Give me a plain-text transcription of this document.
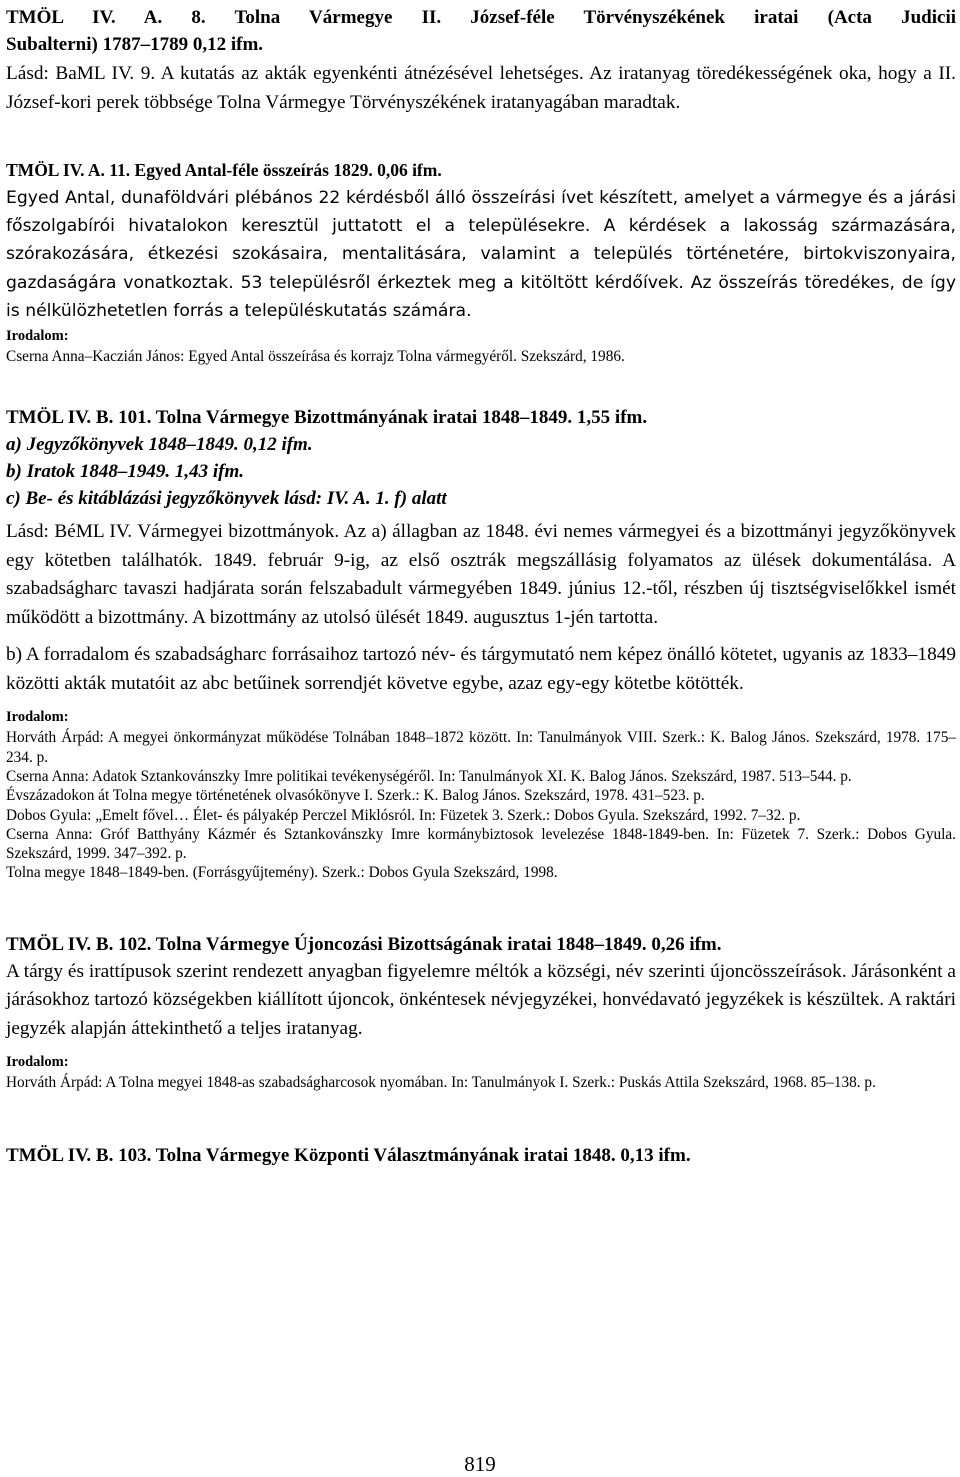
TMÖL IV. A. 8. Tolna Vármegye II. József-féle Törvényszékének iratai (Acta Judicii

Subalterni) 1787–1789 0,12 ifm.

Lásd: BaML IV. 9. A kutatás az akták egyenkénti átnézésével lehetséges. Az iratanyag töredékességének oka, hogy a II. József-kori perek többsége Tolna Vármegye Törvényszékének iratanyagában maradtak.

TMÖL IV. A. 11. Egyed Antal-féle összeírás 1829. 0,06 ifm.

Egyed Antal, dunaföldvári plébános 22 kérdésből álló összeírási ívet készített, amelyet a vármegye és a járási főszolgabírói hivatalokon keresztül juttatott el a településekre. A kérdések a lakosság származására, szórakozására, étkezési szokásaira, mentalitására, valamint a település történetére, birtokviszonyaira, gazdaságára vonatkoztak. 53 településről érkeztek meg a kitöltött kérdőívek. Az összeírás töredékes, de így is nélkülözhetetlen forrás a településkutatás számára.

Irodalom:

Cserna Anna–Kaczián János: Egyed Antal összeírása és korrajz Tolna vármegyéről. Szekszárd, 1986.

TMÖL IV. B. 101. Tolna Vármegye Bizottmányának iratai 1848–1849. 1,55 ifm.

a) Jegyzőkönyvek 1848–1849. 0,12 ifm.

b) Iratok 1848–1949. 1,43 ifm.

c) Be- és kitáblázási jegyzőkönyvek lásd: IV. A. 1. f) alatt

Lásd: BéML IV. Vármegyei bizottmányok. Az a) állagban az 1848. évi nemes vármegyei és a bizottmányi jegyzőkönyvek egy kötetben találhatók. 1849. február 9-ig, az első osztrák megszállásig folyamatos az ülések dokumentálása. A szabadságharc tavaszi hadjárata során felszabadult vármegyében 1849. június 12.-től, részben új tisztségviselőkkel ismét működött a bizottmány. A bizottmány az utolsó ülését 1849. augusztus 1-jén tartotta.

b) A forradalom és szabadságharc forrásaihoz tartozó név- és tárgymutató nem képez önálló kötetet, ugyanis az 1833–1849 közötti akták mutatóit az abc betűinek sorrendjét követve egybe, azaz egy-egy kötetbe kötötték.

Irodalom:

Horváth Árpád: A megyei önkormányzat működése Tolnában 1848–1872 között. In: Tanulmányok VIII. Szerk.: K. Balog János. Szekszárd, 1978. 175–234. p.

Cserna Anna: Adatok Sztankovánszky Imre politikai tevékenységéről. In: Tanulmányok XI. K. Balog János. Szekszárd, 1987. 513–544. p.

Évszázadokon át Tolna megye történetének olvasókönyve I. Szerk.: K. Balog János. Szekszárd, 1978. 431–523. p.

Dobos Gyula: „Emelt fővel… Élet- és pályakép Perczel Miklósról. In: Füzetek 3. Szerk.: Dobos Gyula. Szekszárd, 1992. 7–32. p.

Cserna Anna: Gróf Batthyány Kázmér és Sztankovánszky Imre kormánybiztosok levelezése 1848-1849-ben. In: Füzetek 7. Szerk.: Dobos Gyula. Szekszárd, 1999. 347–392. p.

Tolna megye 1848–1849-ben. (Forrásgyűjtemény). Szerk.: Dobos Gyula Szekszárd, 1998.

TMÖL IV. B. 102. Tolna Vármegye Újoncozási Bizottságának iratai 1848–1849. 0,26 ifm.

A tárgy és irattípusok szerint rendezett anyagban figyelemre méltók a községi, név szerinti újoncösszeírások. Járásonként a járásokhoz tartozó községekben kiállított újoncok, önkéntesek névjegyzékei, honvédavató jegyzékek is készültek. A raktári jegyzék alapján áttekinthető a teljes iratanyag.

Irodalom:

Horváth Árpád: A Tolna megyei 1848-as szabadságharcosok nyomában. In: Tanulmányok I. Szerk.: Puskás Attila Szekszárd, 1968. 85–138. p.

TMÖL IV. B. 103. Tolna Vármegye Központi Választmányának iratai 1848. 0,13 ifm.

819
